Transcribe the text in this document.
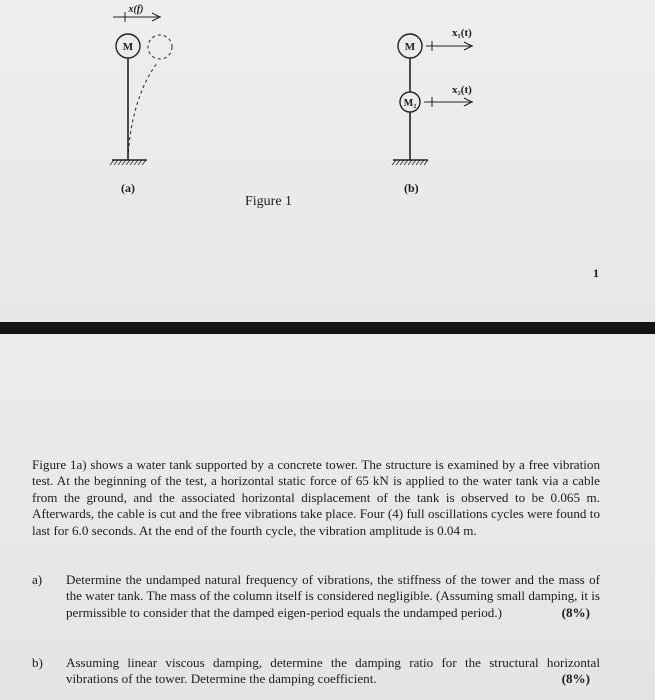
M
x(f)
M
M₂
x₁(t)
x₂(t)
(a)	(b)
Figure 1
1
Figure 1a) shows a water tank supported by a concrete tower. The structure is examined by a free vibration test. At the beginning of the test, a horizontal static force of 65 kN is applied to the water tank via a cable from the ground, and the associated horizontal displacement of the tank is observed to be 0.065 m. Afterwards, the cable is cut and the free vibrations take place. Four (4) full oscillations cycles were found to last for 6.0 seconds. At the end of the fourth cycle, the vibration amplitude is 0.04 m.
a) Determine the undamped natural frequency of vibrations, the stiffness of the tower and the mass of the water tank. The mass of the column itself is considered negligible. (Assuming small damping, it is permissible to consider that the damped eigen-period equals the undamped period.)	(8%)
b) Assuming linear viscous damping, determine the damping ratio for the structural horizontal vibrations of the tower. Determine the damping coefficient.	(8%)
